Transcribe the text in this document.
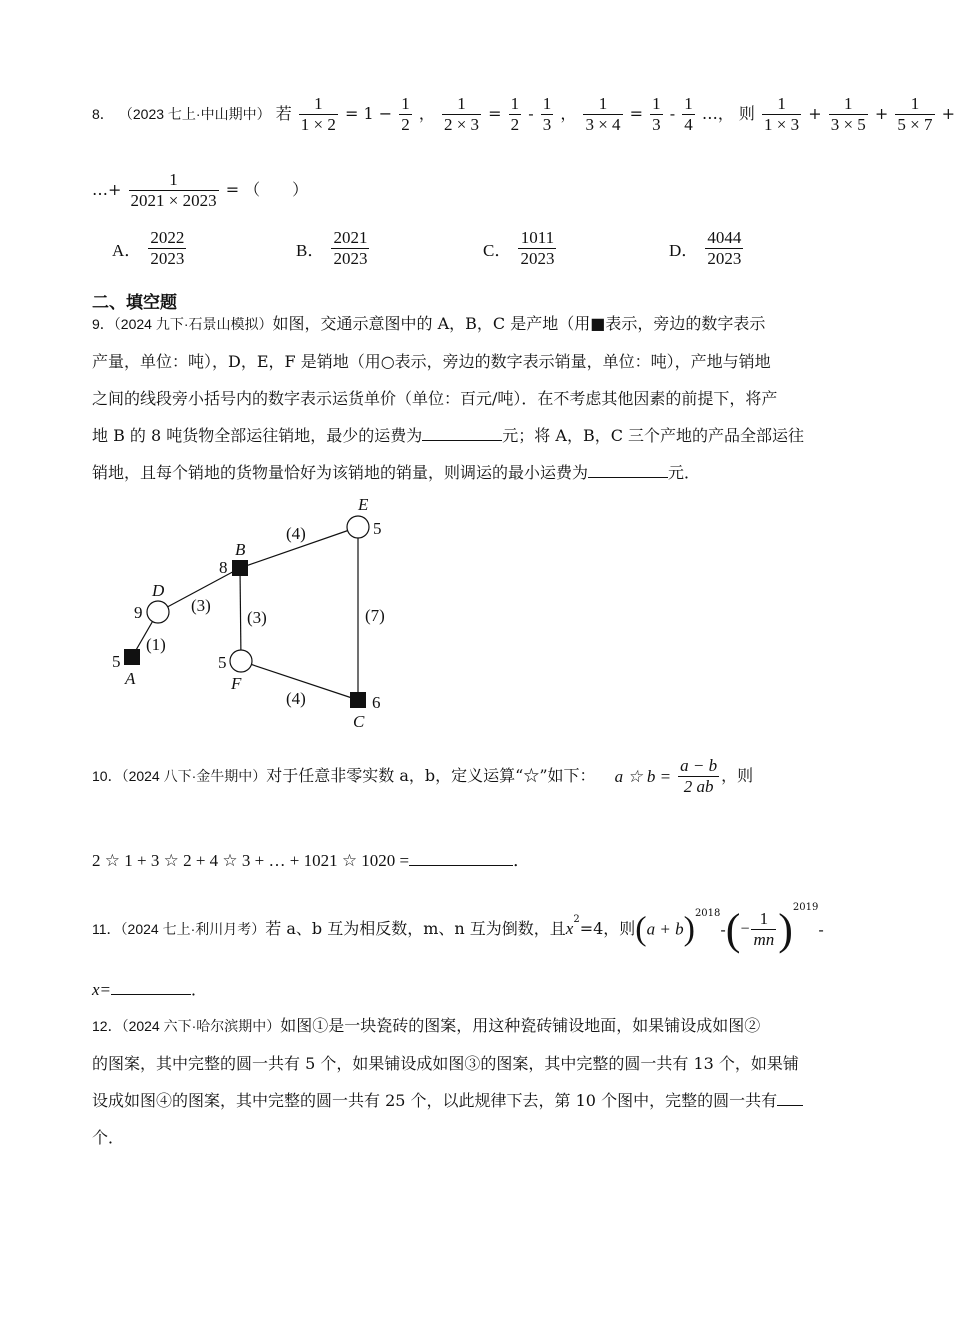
8． （2023 七上·中山期中） 若 $\frac{1}{1 \times 2} = 1 - \frac{1}{2}$ ， $\frac{1}{2 \times 3} = \frac{1}{2} - \frac{1}{3}$ ， $\frac{1}{3 \times 4} = \frac{1}{3} - \frac{1}{4}$ …， 则 $\frac{1}{1 \times 3} + \frac{1}{3 \times 5} + \frac{1}{5 \times 7}$ +
…+ $\frac{1}{2021 \times 2023}$ = （　　）
A． $\frac{2022}{2023}$	B． $\frac{2021}{2023}$	C． $\frac{1011}{2023}$	D． $\frac{4044}{2023}$
二、填空题
9．（2024 九下·石景山模拟）如图，交通示意图中的 A，B，C 是产地（用■表示，旁边的数字表示
产量，单位：吨），D，E，F 是销地（用○表示，旁边的数字表示销量，单位：吨），产地与销地
之间的线段旁小括号内的数字表示运货单价（单位：百元/吨）．在不考虑其他因素的前提下，将产
地 B 的 8 吨货物全部运往销地，最少的运费为	元；将 A，B，C 三个产地的产品全部运往
销地，且每个销地的货物量恰好为该销地的销量，则调运的最小运费为	元．
E
5
B
8
D
9
5
A
5
F
6
C
(4)
(3)
(1)
(3)	(7)
(4)
10．（2024 八下·金牛期中）对于任意非零实数 a，b，定义运算“☆”如下： a ☆ $b = \frac{a - b}{2 ab}$ ，则
2 ☆ 1 + 3 ☆ 2 + 4 ☆ 3 + … + 1021 ☆ 1020 =	．
11．（2024 七上·利川月考）若 a、b 互为相反数，m、n 互为倒数，且$x^2=4$，则$(a + b)^{2018}-(- \frac{1}{mn} )^{2019}-$
x=	．
12．（2024 六下·哈尔滨期中）如图①是一块瓷砖的图案，用这种瓷砖铺设地面，如果铺设成如图②
的图案，其中完整的圆一共有 5 个，如果铺设成如图③的图案，其中完整的圆一共有 13 个，如果铺
设成如图④的图案，其中完整的圆一共有 25 个，以此规律下去，第 10 个图中，完整的圆一共有
个．
